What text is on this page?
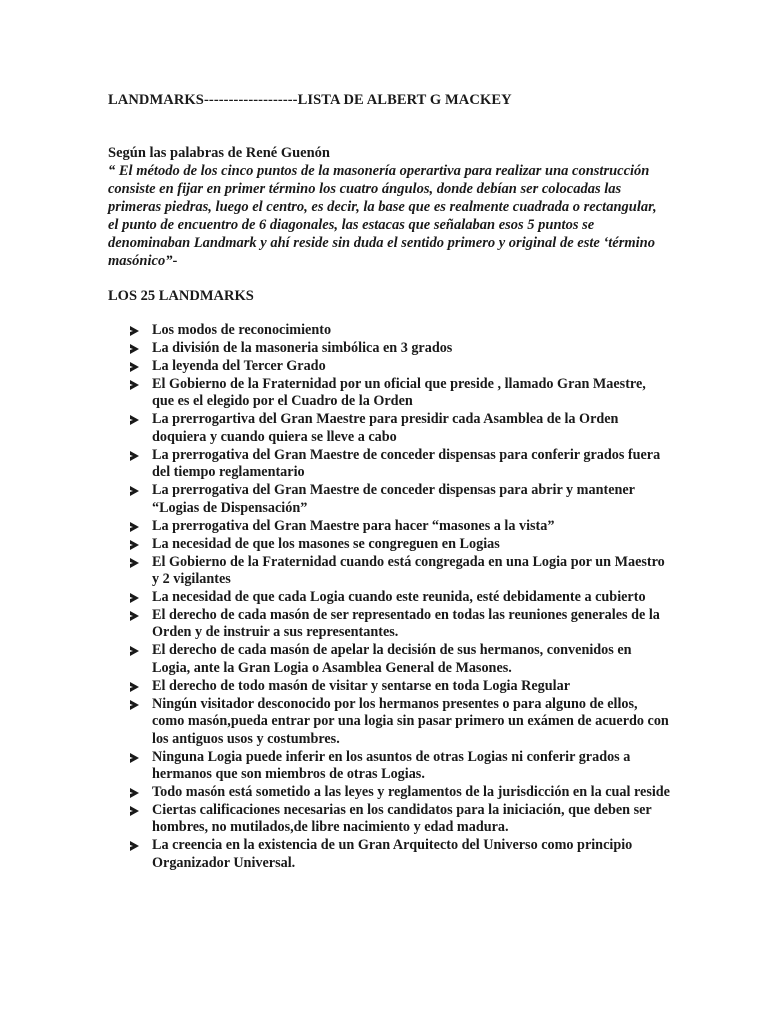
LANDMARKS-------------------LISTA DE ALBERT G MACKEY

Según las palabras de René Guenón

“ El método de los cinco puntos de la masonería operartiva para realizar una construcción consiste en fijar en primer término los cuatro ángulos, donde debían ser colocadas las primeras piedras, luego el centro, es decir, la base que es realmente cuadrada o rectangular, el punto de encuentro de 6 diagonales, las estacas que señalaban esos 5 puntos se denominaban Landmark y ahí reside sin duda el sentido primero y original de este ‘término masónico”-

LOS 25 LANDMARKS
Los modos de reconocimiento
La división de la masoneria simbólica en 3 grados
La leyenda del Tercer Grado
El Gobierno de la Fraternidad por un oficial que preside , llamado Gran Maestre, que es el elegido por el Cuadro de la Orden
La prerrogartiva del Gran Maestre para presidir cada Asamblea de la Orden doquiera y cuando quiera se lleve a cabo
La prerrogativa del Gran Maestre de conceder dispensas para conferir grados fuera del tiempo reglamentario
La prerrogativa del Gran Maestre de conceder dispensas para abrir y mantener “Logias de Dispensación”
La prerrogativa del Gran Maestre para hacer “masones a la vista”
La necesidad de que los masones se congreguen en Logias
El Gobierno de la Fraternidad cuando está congregada en una Logia por un Maestro y 2 vigilantes
La necesidad de que cada Logia cuando este reunida, esté debidamente a cubierto
El derecho de cada masón de ser representado en todas las reuniones generales de la Orden y de instruir a sus representantes.
El derecho de cada masón de apelar la decisión de sus hermanos, convenidos en Logia, ante la Gran Logia o Asamblea General de Masones.
El derecho de todo masón de visitar y sentarse en toda Logia Regular
Ningún visitador desconocido por los hermanos presentes o para alguno de ellos, como masón,pueda entrar por una logia sin pasar primero un exámen de acuerdo con los antiguos usos y costumbres.
Ninguna Logia puede inferir en los asuntos de otras Logias ni conferir grados a hermanos que son miembros de otras Logias.
Todo masón está sometido a las leyes y reglamentos de la jurisdicción en la cual reside
Ciertas calificaciones necesarias en los candidatos para la iniciación, que deben ser hombres, no mutilados,de libre nacimiento y edad madura.
La creencia en la existencia de un Gran Arquitecto del Universo como principio Organizador Universal.
